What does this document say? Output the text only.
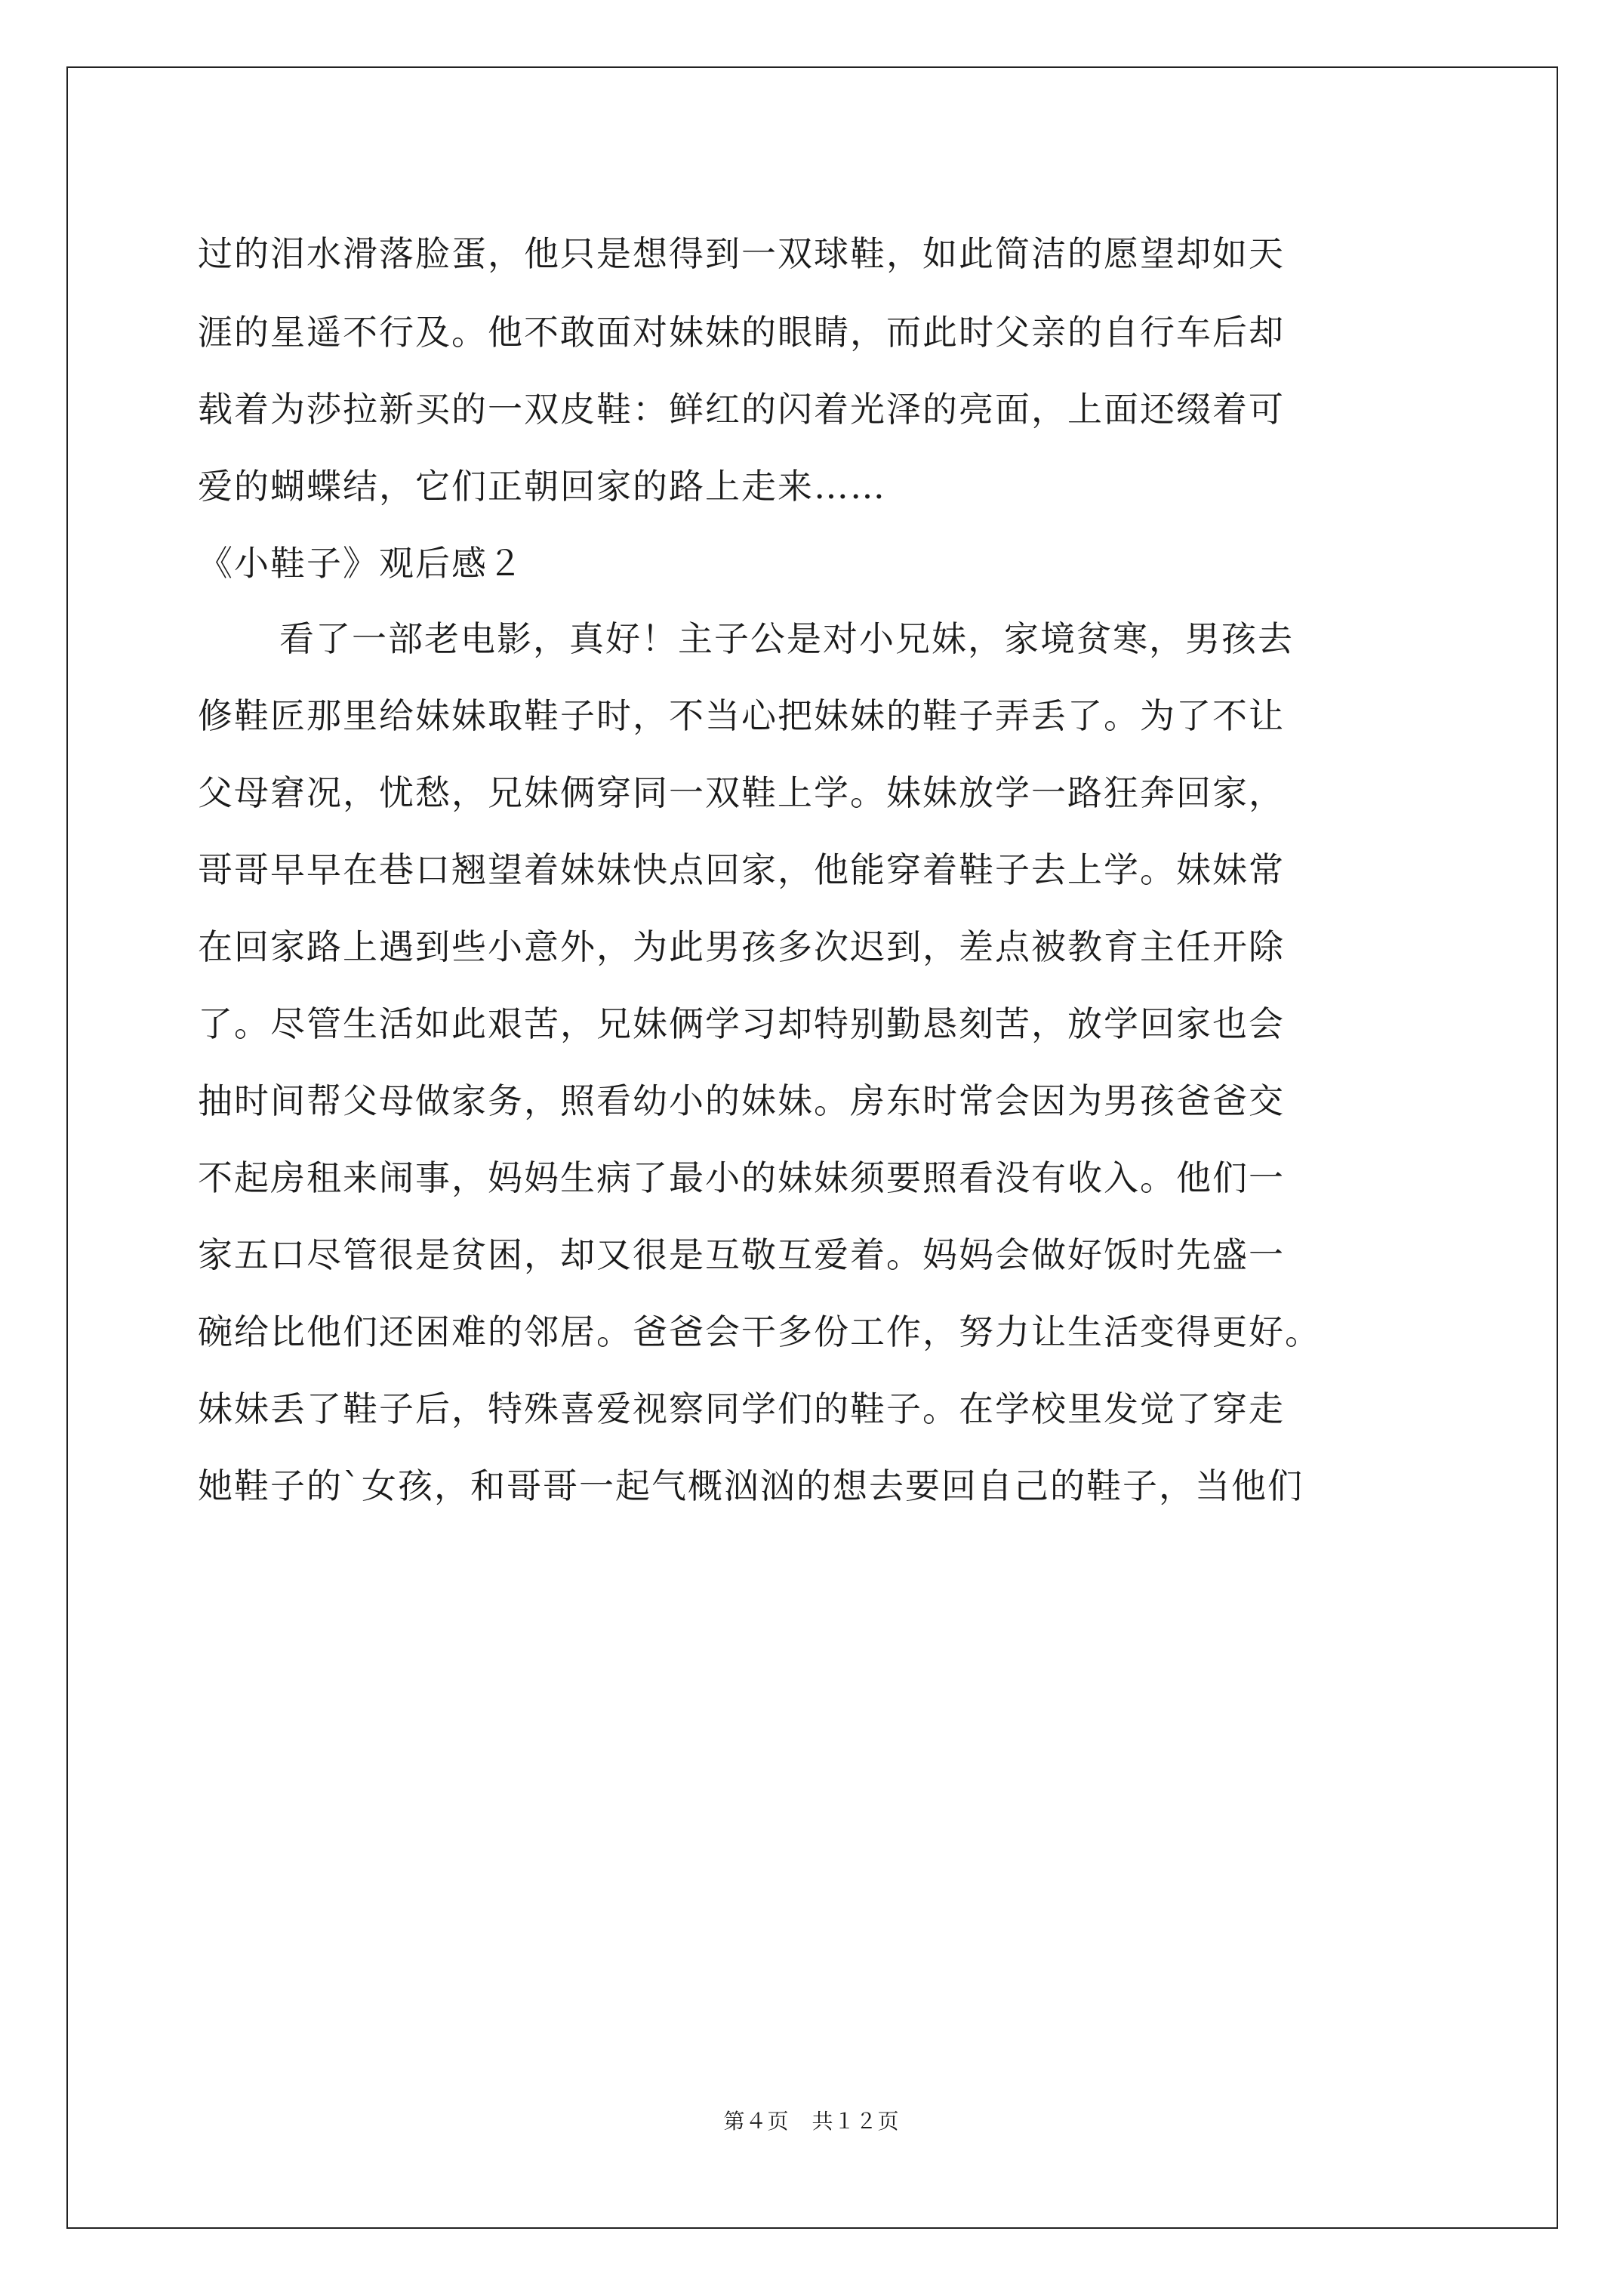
过的泪水滑落脸蛋，他只是想得到一双球鞋，如此简洁的愿望却如天
涯的星遥不行及。他不敢面对妹妹的眼睛，而此时父亲的自行车后却
载着为莎拉新买的一双皮鞋：鲜红的闪着光泽的亮面，上面还缀着可
爱的蝴蝶结，它们正朝回家的路上走来……
《小鞋子》观后感２
看了一部老电影，真好！主子公是对小兄妹，家境贫寒，男孩去
修鞋匠那里给妹妹取鞋子时，不当心把妹妹的鞋子弄丢了。为了不让
父母窘况，忧愁，兄妹俩穿同一双鞋上学。妹妹放学一路狂奔回家，
哥哥早早在巷口翘望着妹妹快点回家，他能穿着鞋子去上学。妹妹常
在回家路上遇到些小意外，为此男孩多次迟到，差点被教育主任开除
了。尽管生活如此艰苦，兄妹俩学习却特别勤恳刻苦，放学回家也会
抽时间帮父母做家务，照看幼小的妹妹。房东时常会因为男孩爸爸交
不起房租来闹事，妈妈生病了最小的妹妹须要照看没有收入。他们一
家五口尽管很是贫困，却又很是互敬互爱着。妈妈会做好饭时先盛一
碗给比他们还困难的邻居。爸爸会干多份工作，努力让生活变得更好。
妹妹丢了鞋子后，特殊喜爱视察同学们的鞋子。在学校里发觉了穿走
她鞋子的`女孩，和哥哥一起气概汹汹的想去要回自己的鞋子，当他们
第４页 共１２页
